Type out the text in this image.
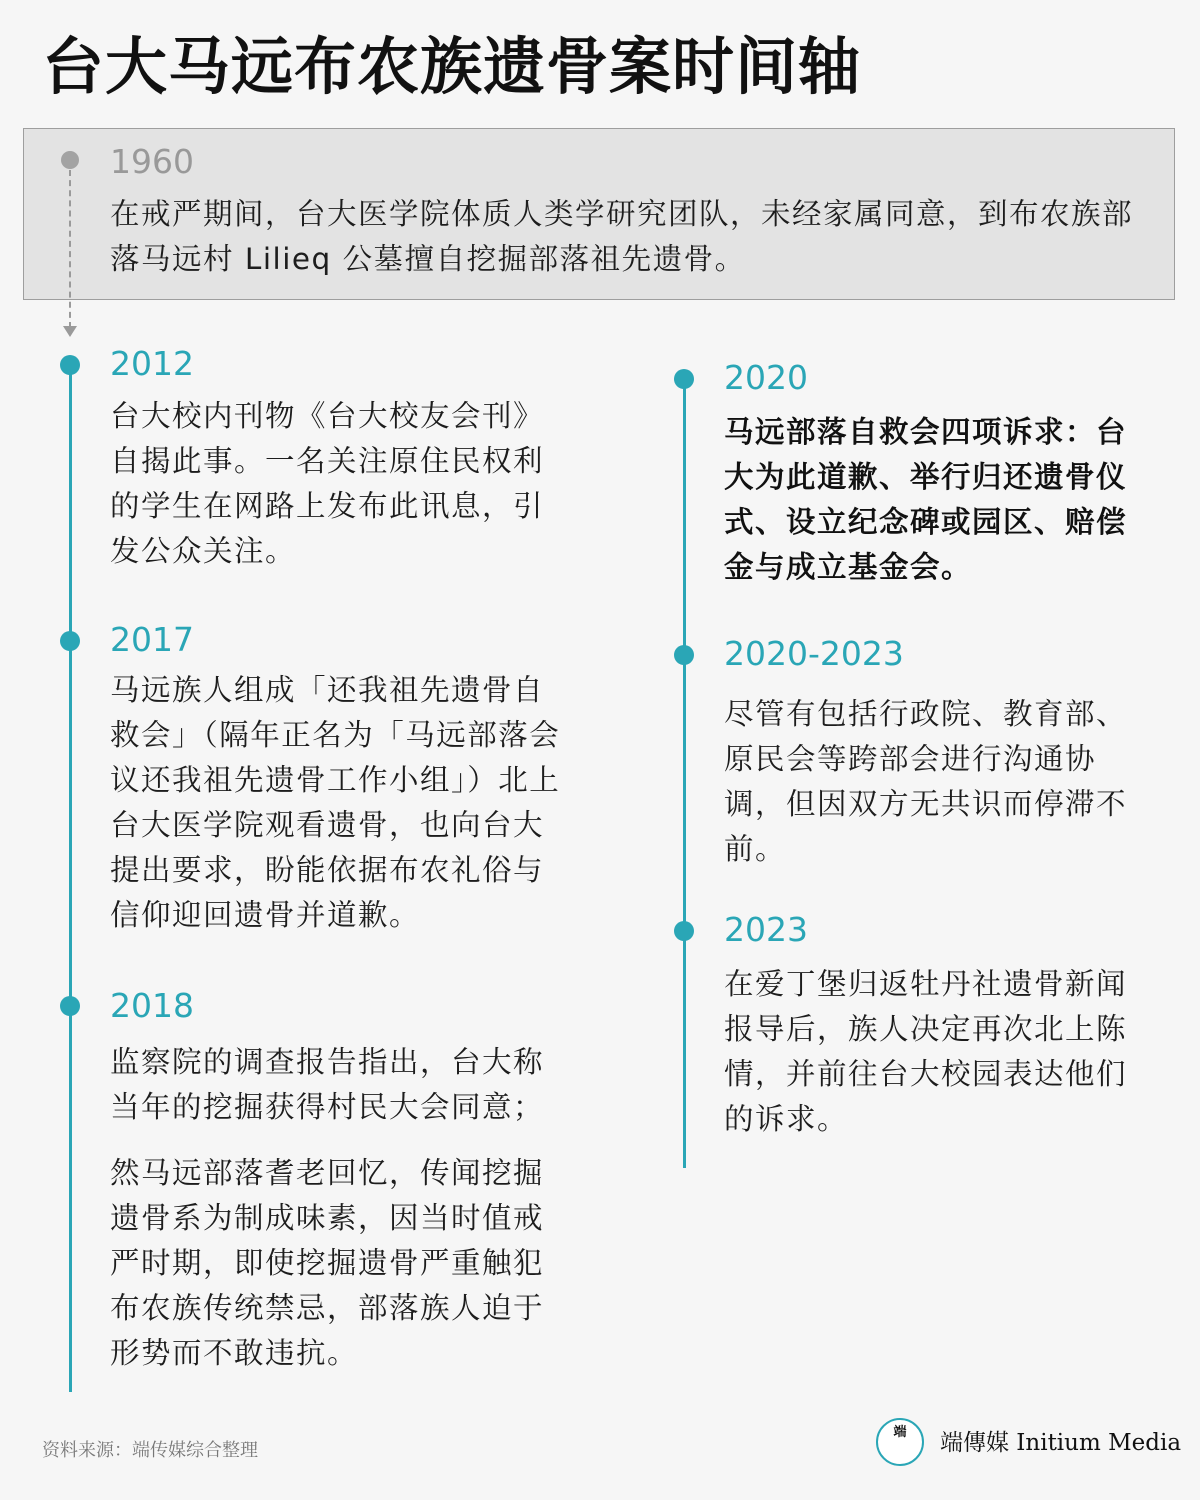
台大马远布农族遗骨案时间轴
1960

在戒严期间，台大医学院体质人类学研究团队，未经家属同意，到布农族部落马远村 Lilieq 公墓擅自挖掘部落祖先遗骨。

2012

台大校内刊物《台大校友会刊》自揭此事。一名关注原住民权利的学生在网路上发布此讯息，引发公众关注。

2017

马远族人组成「还我祖先遗骨自救会」（隔年正名为「马远部落会议还我祖先遗骨工作小组」）北上台大医学院观看遗骨，也向台大提出要求，盼能依据布农礼俗与信仰迎回遗骨并道歉。

2018

监察院的调查报告指出，台大称当年的挖掘获得村民大会同意；

然马远部落耆老回忆，传闻挖掘遗骨系为制成味素，因当时值戒严时期，即使挖掘遗骨严重触犯布农族传统禁忌，部落族人迫于形势而不敢违抗。

2020

马远部落自救会四项诉求：台大为此道歉、举行归还遗骨仪式、设立纪念碑或园区、赔偿金与成立基金会。

2020-2023

尽管有包括行政院、教育部、原民会等跨部会进行沟通协调，但因双方无共识而停滞不前。

2023

在爱丁堡归返牡丹社遗骨新闻报导后，族人决定再次北上陈情，并前往台大校园表达他们的诉求。

资料来源：端传媒综合整理
端	端傳媒 Initium Media
